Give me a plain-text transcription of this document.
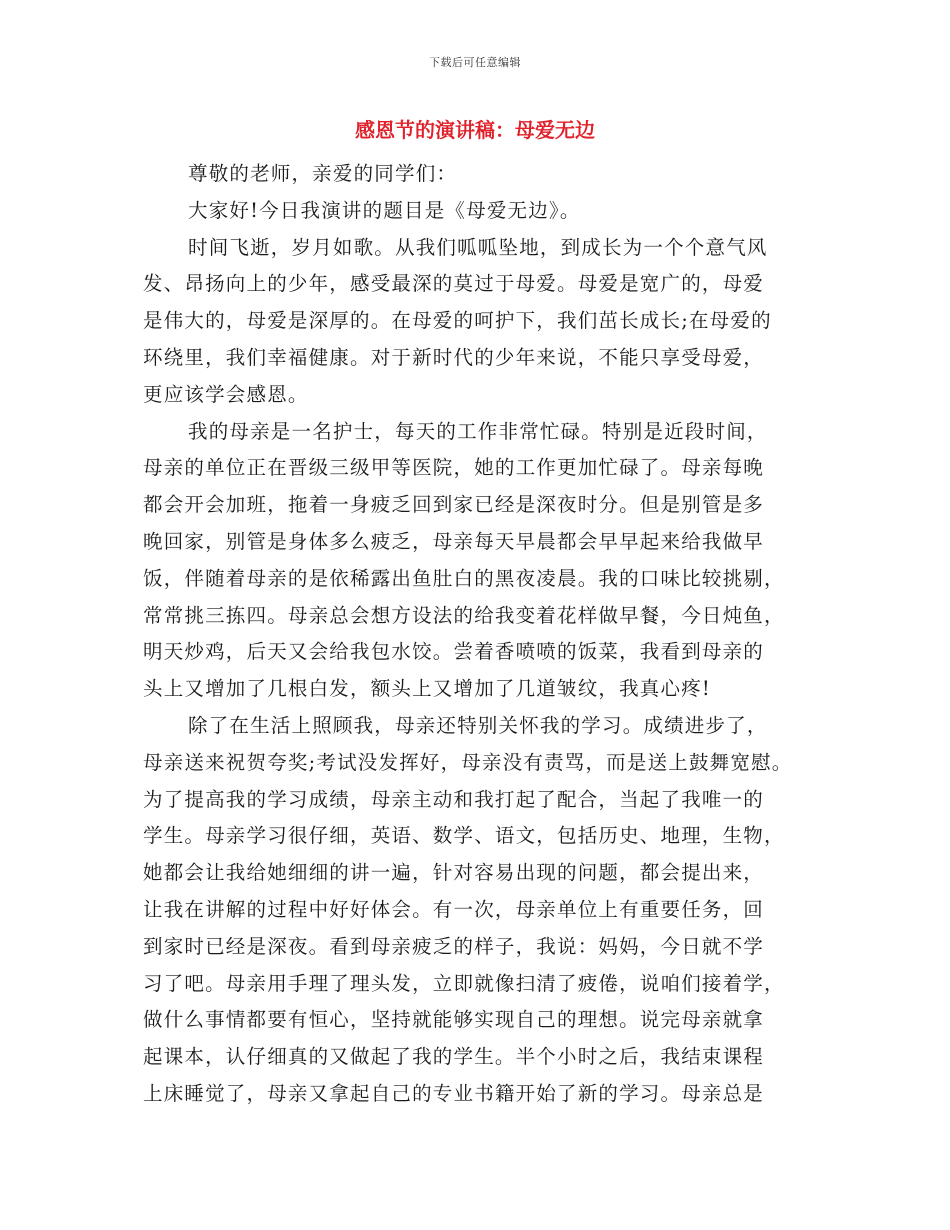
下载后可任意编辑
感恩节的演讲稿：母爱无边
尊敬的老师，亲爱的同学们：
大家好!今日我演讲的题目是《母爱无边》。
时间飞逝，岁月如歌。从我们呱呱坠地，到成长为一个个意气风
发、昂扬向上的少年，感受最深的莫过于母爱。母爱是宽广的，母爱
是伟大的，母爱是深厚的。在母爱的呵护下，我们茁长成长;在母爱的
环绕里，我们幸福健康。对于新时代的少年来说，不能只享受母爱，
更应该学会感恩。
我的母亲是一名护士，每天的工作非常忙碌。特别是近段时间，
母亲的单位正在晋级三级甲等医院，她的工作更加忙碌了。母亲每晚
都会开会加班，拖着一身疲乏回到家已经是深夜时分。但是别管是多
晚回家，别管是身体多么疲乏，母亲每天早晨都会早早起来给我做早
饭，伴随着母亲的是依稀露出鱼肚白的黑夜凌晨。我的口味比较挑剔，
常常挑三拣四。母亲总会想方设法的给我变着花样做早餐，今日炖鱼，
明天炒鸡，后天又会给我包水饺。尝着香喷喷的饭菜，我看到母亲的
头上又增加了几根白发，额头上又增加了几道皱纹，我真心疼!
除了在生活上照顾我，母亲还特别关怀我的学习。成绩进步了，
母亲送来祝贺夸奖;考试没发挥好，母亲没有责骂，而是送上鼓舞宽慰。
为了提高我的学习成绩，母亲主动和我打起了配合，当起了我唯一的
学生。母亲学习很仔细，英语、数学、语文，包括历史、地理，生物，
她都会让我给她细细的讲一遍，针对容易出现的问题，都会提出来，
让我在讲解的过程中好好体会。有一次，母亲单位上有重要任务，回
到家时已经是深夜。看到母亲疲乏的样子，我说：妈妈，今日就不学
习了吧。母亲用手理了理头发，立即就像扫清了疲倦，说咱们接着学，
做什么事情都要有恒心，坚持就能够实现自己的理想。说完母亲就拿
起课本，认仔细真的又做起了我的学生。半个小时之后，我结束课程
上床睡觉了，母亲又拿起自己的专业书籍开始了新的学习。母亲总是
